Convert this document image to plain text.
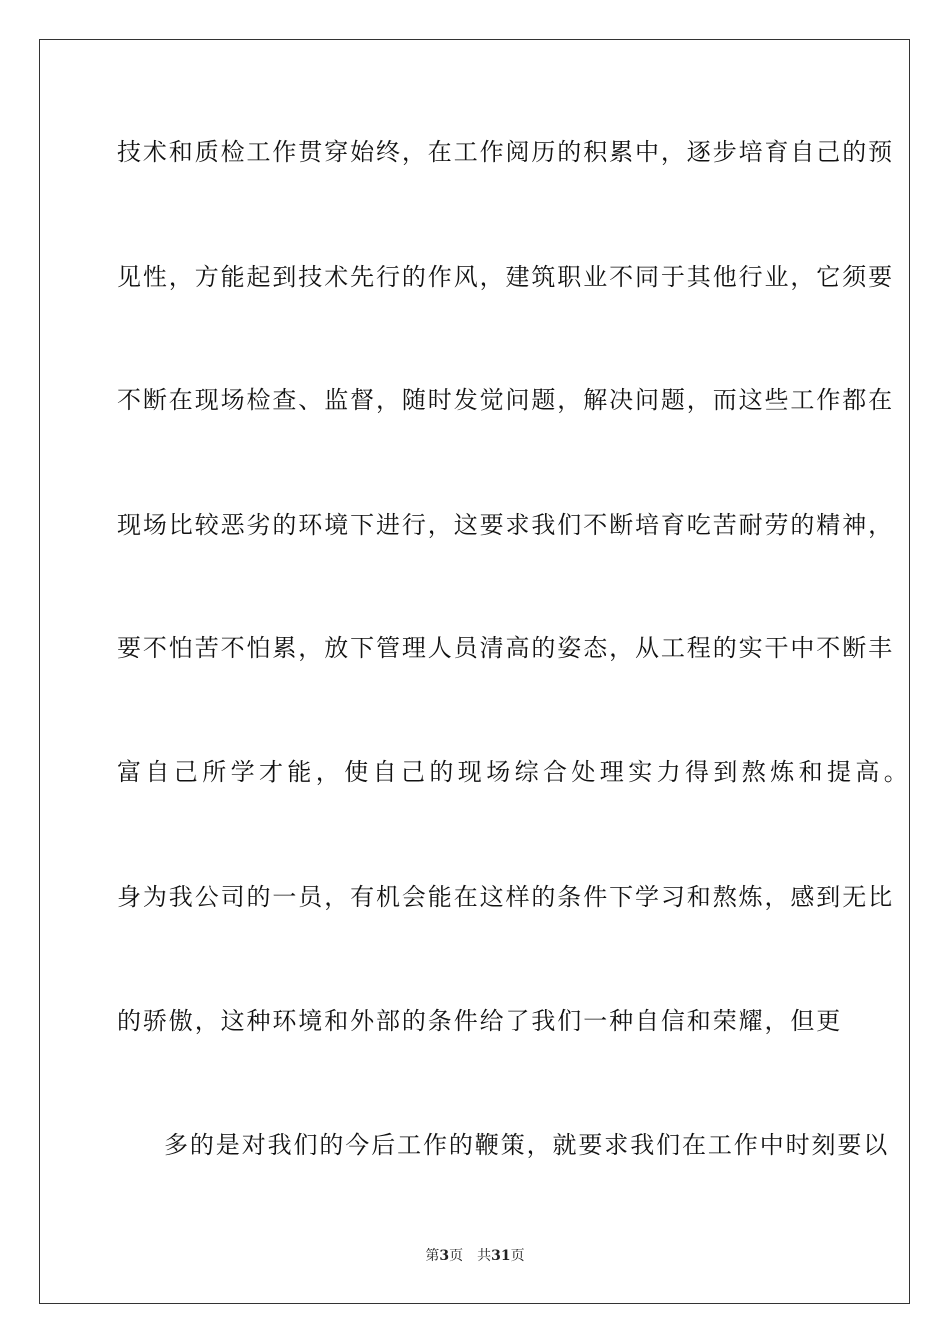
技术和质检工作贯穿始终，在工作阅历的积累中，逐步培育自己的预
见性，方能起到技术先行的作风，建筑职业不同于其他行业，它须要
不断在现场检查、监督，随时发觉问题，解决问题，而这些工作都在
现场比较恶劣的环境下进行，这要求我们不断培育吃苦耐劳的精神，
要不怕苦不怕累，放下管理人员清高的姿态，从工程的实干中不断丰
富自己所学才能，使自己的现场综合处理实力得到熬炼和提高。
身为我公司的一员，有机会能在这样的条件下学习和熬炼，感到无比
的骄傲，这种环境和外部的条件给了我们一种自信和荣耀，但更
多的是对我们的今后工作的鞭策，就要求我们在工作中时刻要以
第3页 共31页
